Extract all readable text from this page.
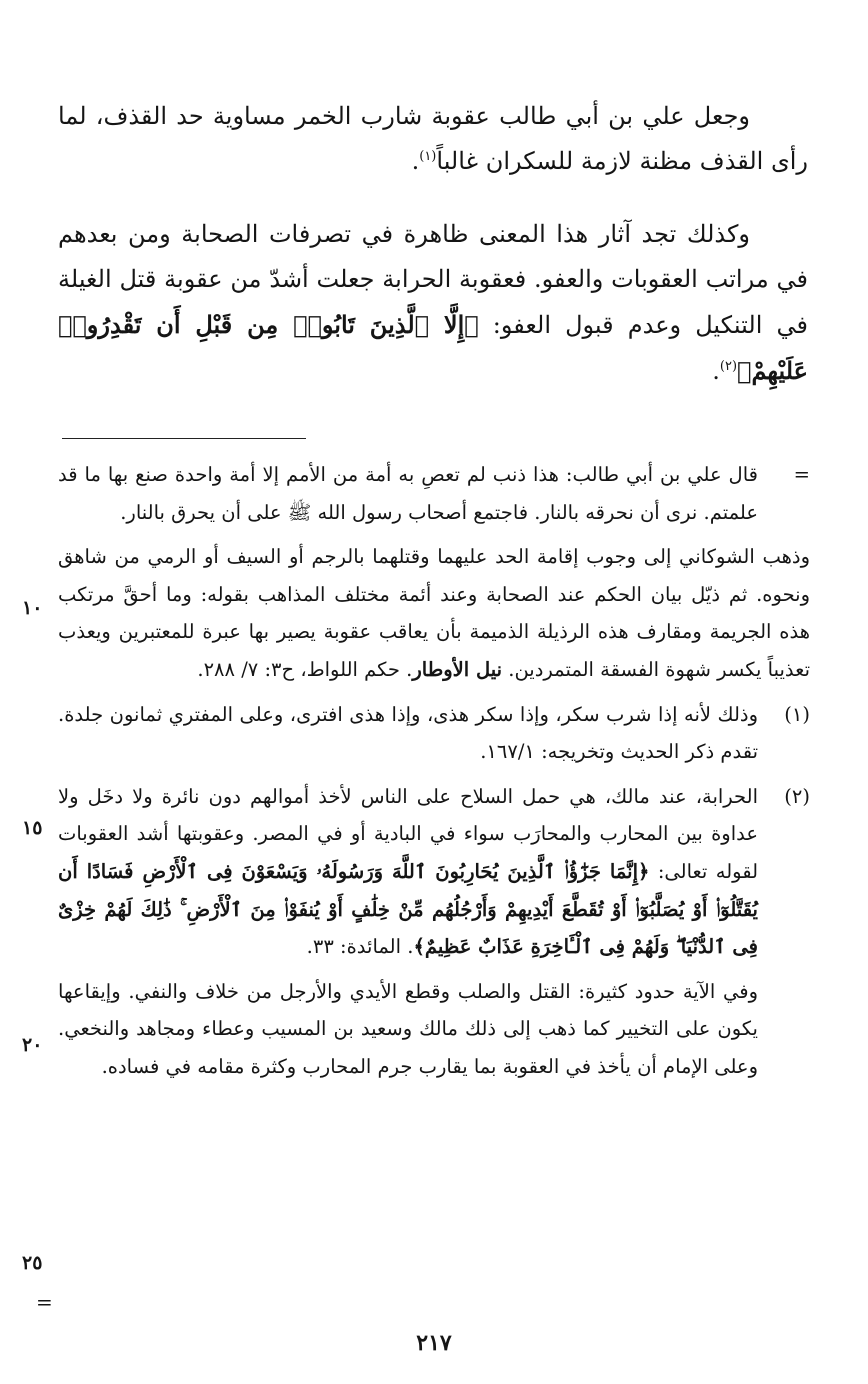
وجعل علي بن أبي طالب عقوبة شارب الخمر مساوية حد القذف، لما رأى القذف مظنة لازمة للسكران غالباً$^{(١)}$.

وكذلك تجد آثار هذا المعنى ظاهرة في تصرفات الصحابة ومن بعدهم في مراتب العقوبات والعفو. فعقوبة الحرابة جعلت أشدّ من عقوبة قتل الغيلة في التنكيل وعدم قبول العفو: ﴿إِلَّا ٱلَّذِينَ تَابُوا۟ مِن قَبْلِ أَن تَقْدِرُوا۟ عَلَيْهِمْ﴾$^{(٢)}$.

=
قال علي بن أبي طالب: هذا ذنب لم تعصِ به أمة من الأمم إلا أمة واحدة صنع بها ما قد علمتم. نرى أن نحرقه بالنار. فاجتمع أصحاب رسول الله ﷺ على أن يحرق بالنار.
وذهب الشوكاني إلى وجوب إقامة الحد عليهما وقتلهما بالرجم أو السيف أو الرمي من شاهق ونحوه. ثم ذيّل بيان الحكم عند الصحابة وعند أئمة مختلف المذاهب بقوله: وما أحقَّ مرتكب هذه الجريمة ومقارف هذه الرذيلة الذميمة بأن يعاقب عقوبة يصير بها عبرة للمعتبرين ويعذب تعذيباً يكسر شهوة الفسقة المتمردين. نيل الأوطار. حكم اللواط، ح٣: ٧/ ٢٨٨.
(١)
وذلك لأنه إذا شرب سكر، وإذا سكر هذى، وإذا هذى افترى، وعلى المفتري ثمانون جلدة. تقدم ذكر الحديث وتخريجه: ١٦٧/١.
(٢)
الحرابة، عند مالك، هي حمل السلاح على الناس لأخذ أموالهم دون نائرة ولا دخَل ولا عداوة بين المحارب والمحارَب سواء في البادية أو في المصر. وعقوبتها أشد العقوبات لقوله تعالى: ﴿إِنَّمَا جَزَٰٓؤُا۟ ٱلَّذِينَ يُحَارِبُونَ ٱللَّهَ وَرَسُولَهُۥ وَيَسْعَوْنَ فِى ٱلْأَرْضِ فَسَادًا أَن يُقَتَّلُوٓا۟ أَوْ يُصَلَّبُوٓا۟ أَوْ تُقَطَّعَ أَيْدِيهِمْ وَأَرْجُلُهُم مِّنْ خِلَٰفٍ أَوْ يُنفَوْا۟ مِنَ ٱلْأَرْضِ ۚ ذَٰلِكَ لَهُمْ خِزْىٌ فِى ٱلدُّنْيَا ۖ وَلَهُمْ فِى ٱلْـَٔاخِرَةِ عَذَابٌ عَظِيمٌ﴾. المائدة: ٣٣.
وفي الآية حدود كثيرة: القتل والصلب وقطع الأيدي والأرجل من خلاف والنفي. وإيقاعها يكون على التخيير كما ذهب إلى ذلك مالك وسعيد بن المسيب وعطاء ومجاهد والنخعي. وعلى الإمام أن يأخذ في العقوبة بما يقارب جرم المحارب وكثرة مقامه في فساده.
١٠
١٥
٢٠
٢٥
=
٢١٧
